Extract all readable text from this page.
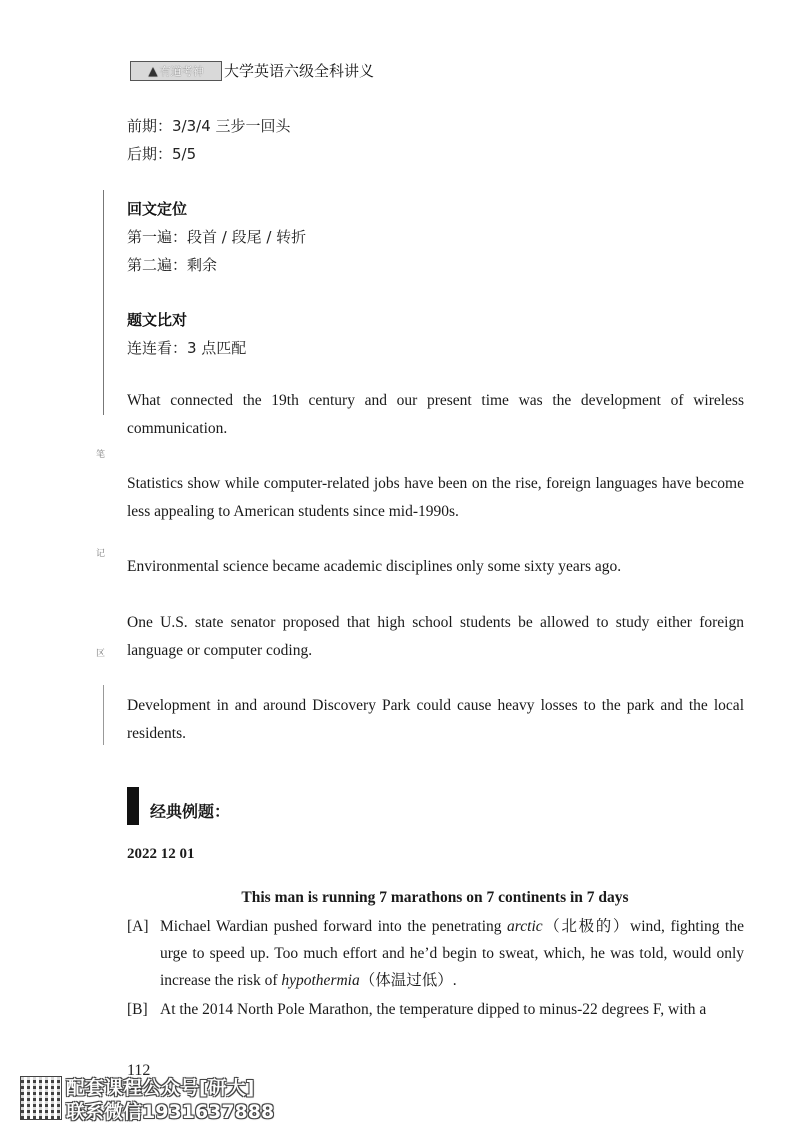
▲ 有道考神 大学英语六级全科讲义
前期：3/3/4 三步一回头
后期：5/5
回文定位
第一遍：段首 / 段尾 / 转折
第二遍：剩余
题文比对
连连看：3 点匹配
笔
记
区
What connected the 19th century and our present time was the development of wireless communication.
Statistics show while computer-related jobs have been on the rise, foreign languages have become less appealing to American students since mid-1990s.
Environmental science became academic disciplines only some sixty years ago.
One U.S. state senator proposed that high school students be allowed to study either foreign language or computer coding.
Development in and around Discovery Park could cause heavy losses to the park and the local residents.
经典例题：
2022 12 01
This man is running 7 marathons on 7 continents in 7 days
[A] Michael Wardian pushed forward into the penetrating arctic（北极的）wind, fighting the urge to speed up. Too much effort and he’d begin to sweat, which, he was told, would only increase the risk of hypothermia（体温过低）.
[B] At the 2014 North Pole Marathon, the temperature dipped to minus-22 degrees F, with a
112
配套课程公众号[研大]
联系微信1931637888
